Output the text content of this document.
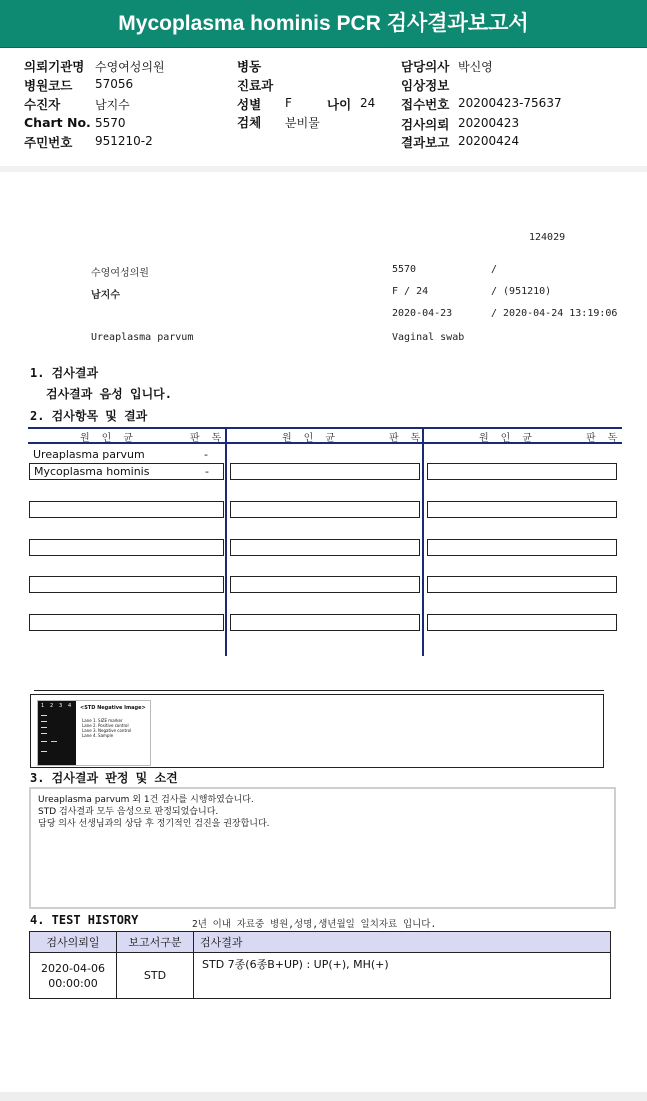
Mycoplasma hominis PCR 검사결과보고서
의뢰기관명 수영여성의원
병원코드 57056
수진자	남지수
Chart No. 5570
주민번호 951210-2
병동
진료과
성별 F	나이 24
검체 분비물
담당의사 박신영
임상정보
접수번호 20200423-75637
검사의뢰 20200423
결과보고 20200424
124029
수영여성의원	5570	/
남지수	F / 24	/ (951210)
2020-04-23	/ 2020-04-24 13:19:06
Ureaplasma parvum	Vaginal swab
1. 검사결과
검사결과 음성 입니다.
2. 검사항목 및 결과
원 인 균	판 독	원 인 균	판 독	원 인 균	판 독
Ureaplasma parvum	-
Mycoplasma hominis	-
1 2 3 4 <STD Negative Image>
Lane 1. SIZE marker
Lane 2. Positive control
Lane 3. Negative control
Lane 4. Sample
3. 검사결과 판정 및 소견
Ureaplasma parvum 외 1건 검사를 시행하였습니다.
STD 검사결과 모두 음성으로 판정되었습니다.
담당 의사 선생님과의 상담 후 정기적인 검진을 권장합니다.
4. TEST HISTORY	2년 이내 자료중 병원,성명,생년월일 일치자료 입니다.
검사의뢰일	보고서구분	검사결과

2020-04-06
00:00:00	STD	STD 7종(6종B+UP) : UP(+), MH(+)
